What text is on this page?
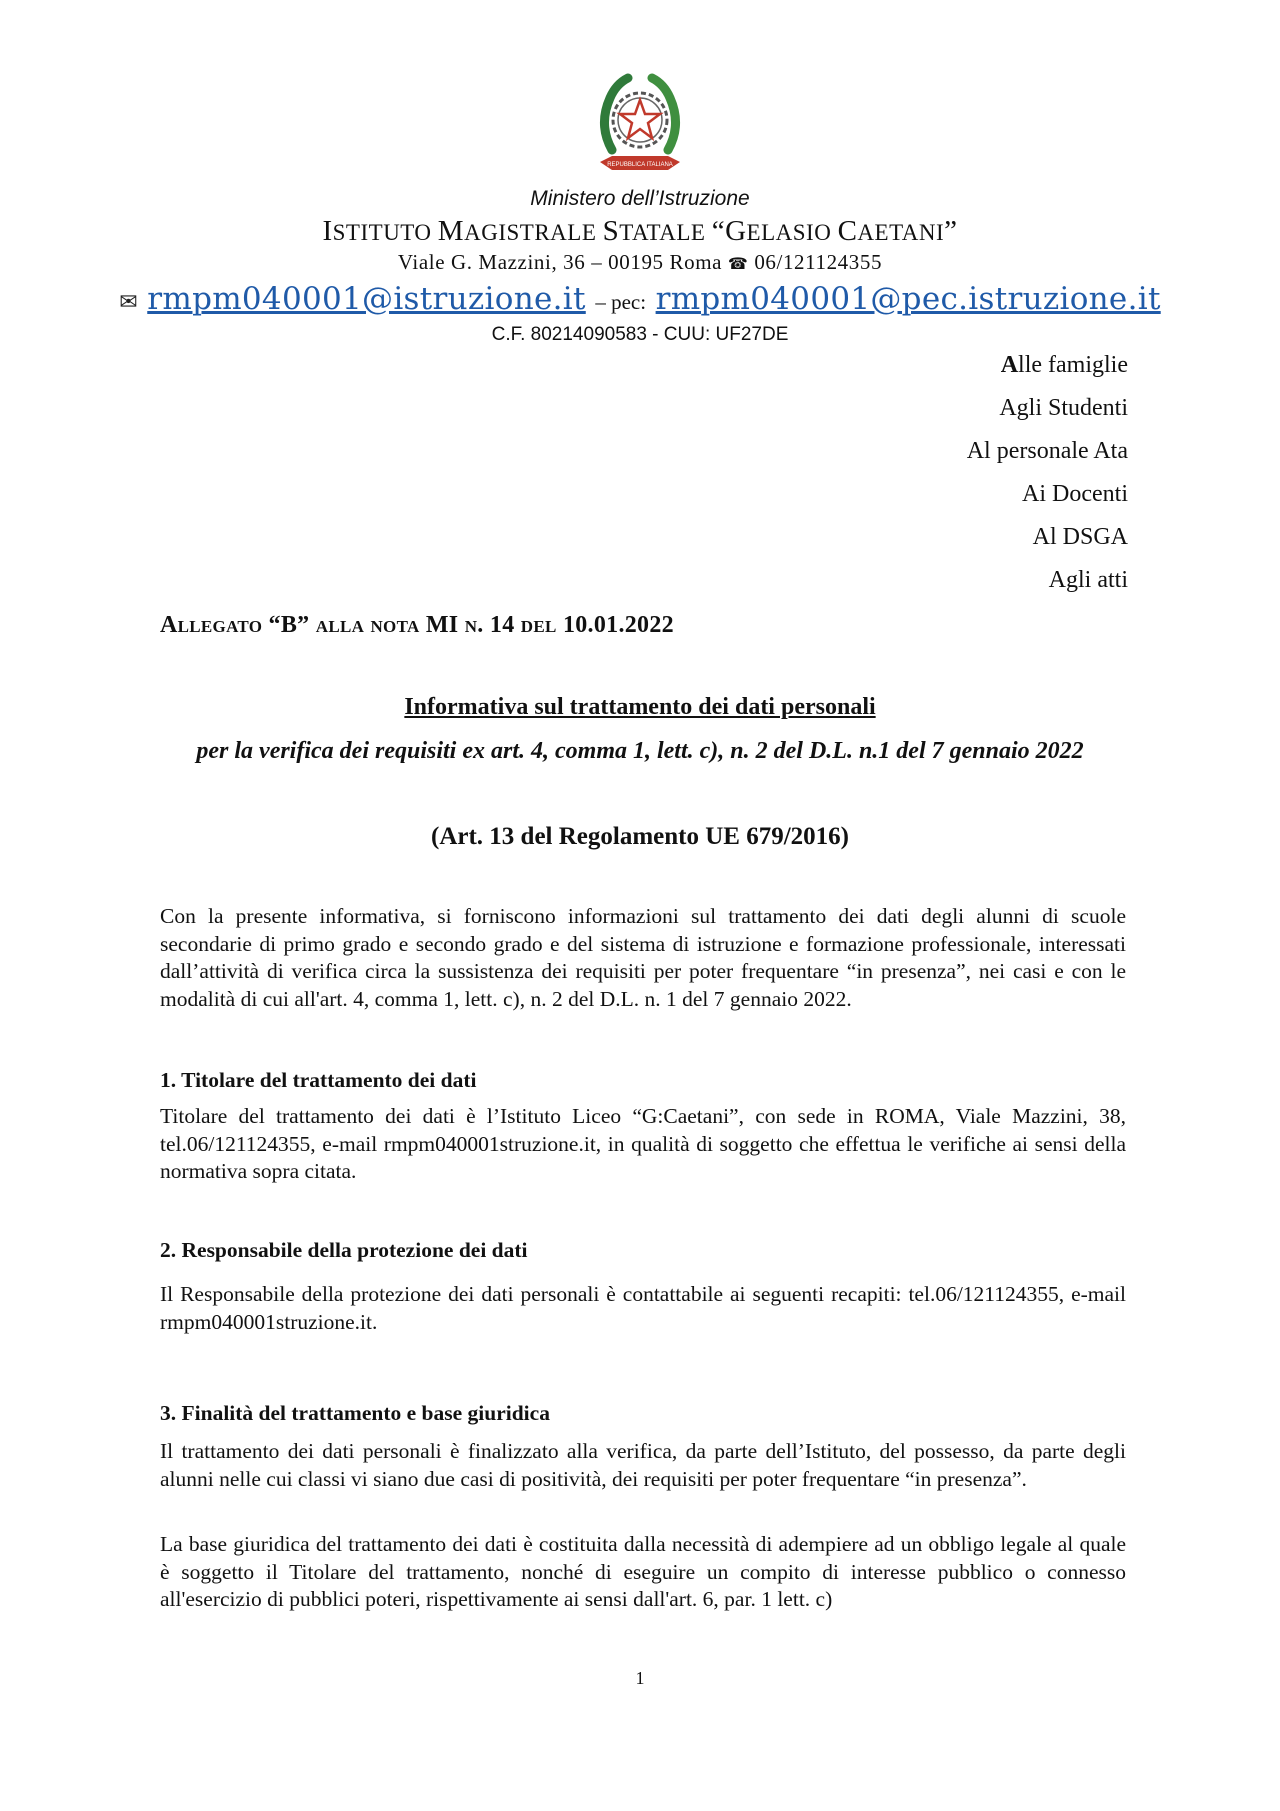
REPUBBLICA ITALIANA
Ministero dell’Istruzione
ISTITUTO MAGISTRALE STATALE “GELASIO CAETANI”
Viale G. Mazzini, 36 – 00195 Roma ☎ 06/121124355
✉ rmpm040001@istruzione.it – pec: rmpm040001@pec.istruzione.it
C.F. 80214090583 - CUU: UF27DE
Alle famiglie
Agli Studenti
Al personale Ata
Ai Docenti
Al DSGA
Agli atti
Allegato “B” alla nota MI n. 14 del 10.01.2022
Informativa sul trattamento dei dati personali
per la verifica dei requisiti ex art. 4, comma 1, lett. c), n. 2 del D.L. n.1 del 7 gennaio 2022
(Art. 13 del Regolamento UE 679/2016)

Con la presente informativa, si forniscono informazioni sul trattamento dei dati degli alunni di scuole secondarie di primo grado e secondo grado e del sistema di istruzione e formazione professionale, interessati dall’attività di verifica circa la sussistenza dei requisiti per poter frequentare “in presenza”, nei casi e con le modalità di cui all'art. 4, comma 1, lett. c), n. 2 del D.L. n. 1 del 7 gennaio 2022.

1. Titolare del trattamento dei dati

Titolare del trattamento dei dati è l’Istituto Liceo “G:Caetani”, con sede in ROMA, Viale Mazzini, 38, tel.06/121124355, e-mail rmpm040001struzione.it, in qualità di soggetto che effettua le verifiche ai sensi della normativa sopra citata.

2. Responsabile della protezione dei dati

Il Responsabile della protezione dei dati personali è contattabile ai seguenti recapiti: tel.06/121124355, e-mail rmpm040001struzione.it.

3. Finalità del trattamento e base giuridica

Il trattamento dei dati personali è finalizzato alla verifica, da parte dell’Istituto, del possesso, da parte degli alunni nelle cui classi vi siano due casi di positività, dei requisiti per poter frequentare “in presenza”.

La base giuridica del trattamento dei dati è costituita dalla necessità di adempiere ad un obbligo legale al quale è soggetto il Titolare del trattamento, nonché di eseguire un compito di interesse pubblico o connesso all'esercizio di pubblici poteri, rispettivamente ai sensi dall'art. 6, par. 1 lett. c)

1
